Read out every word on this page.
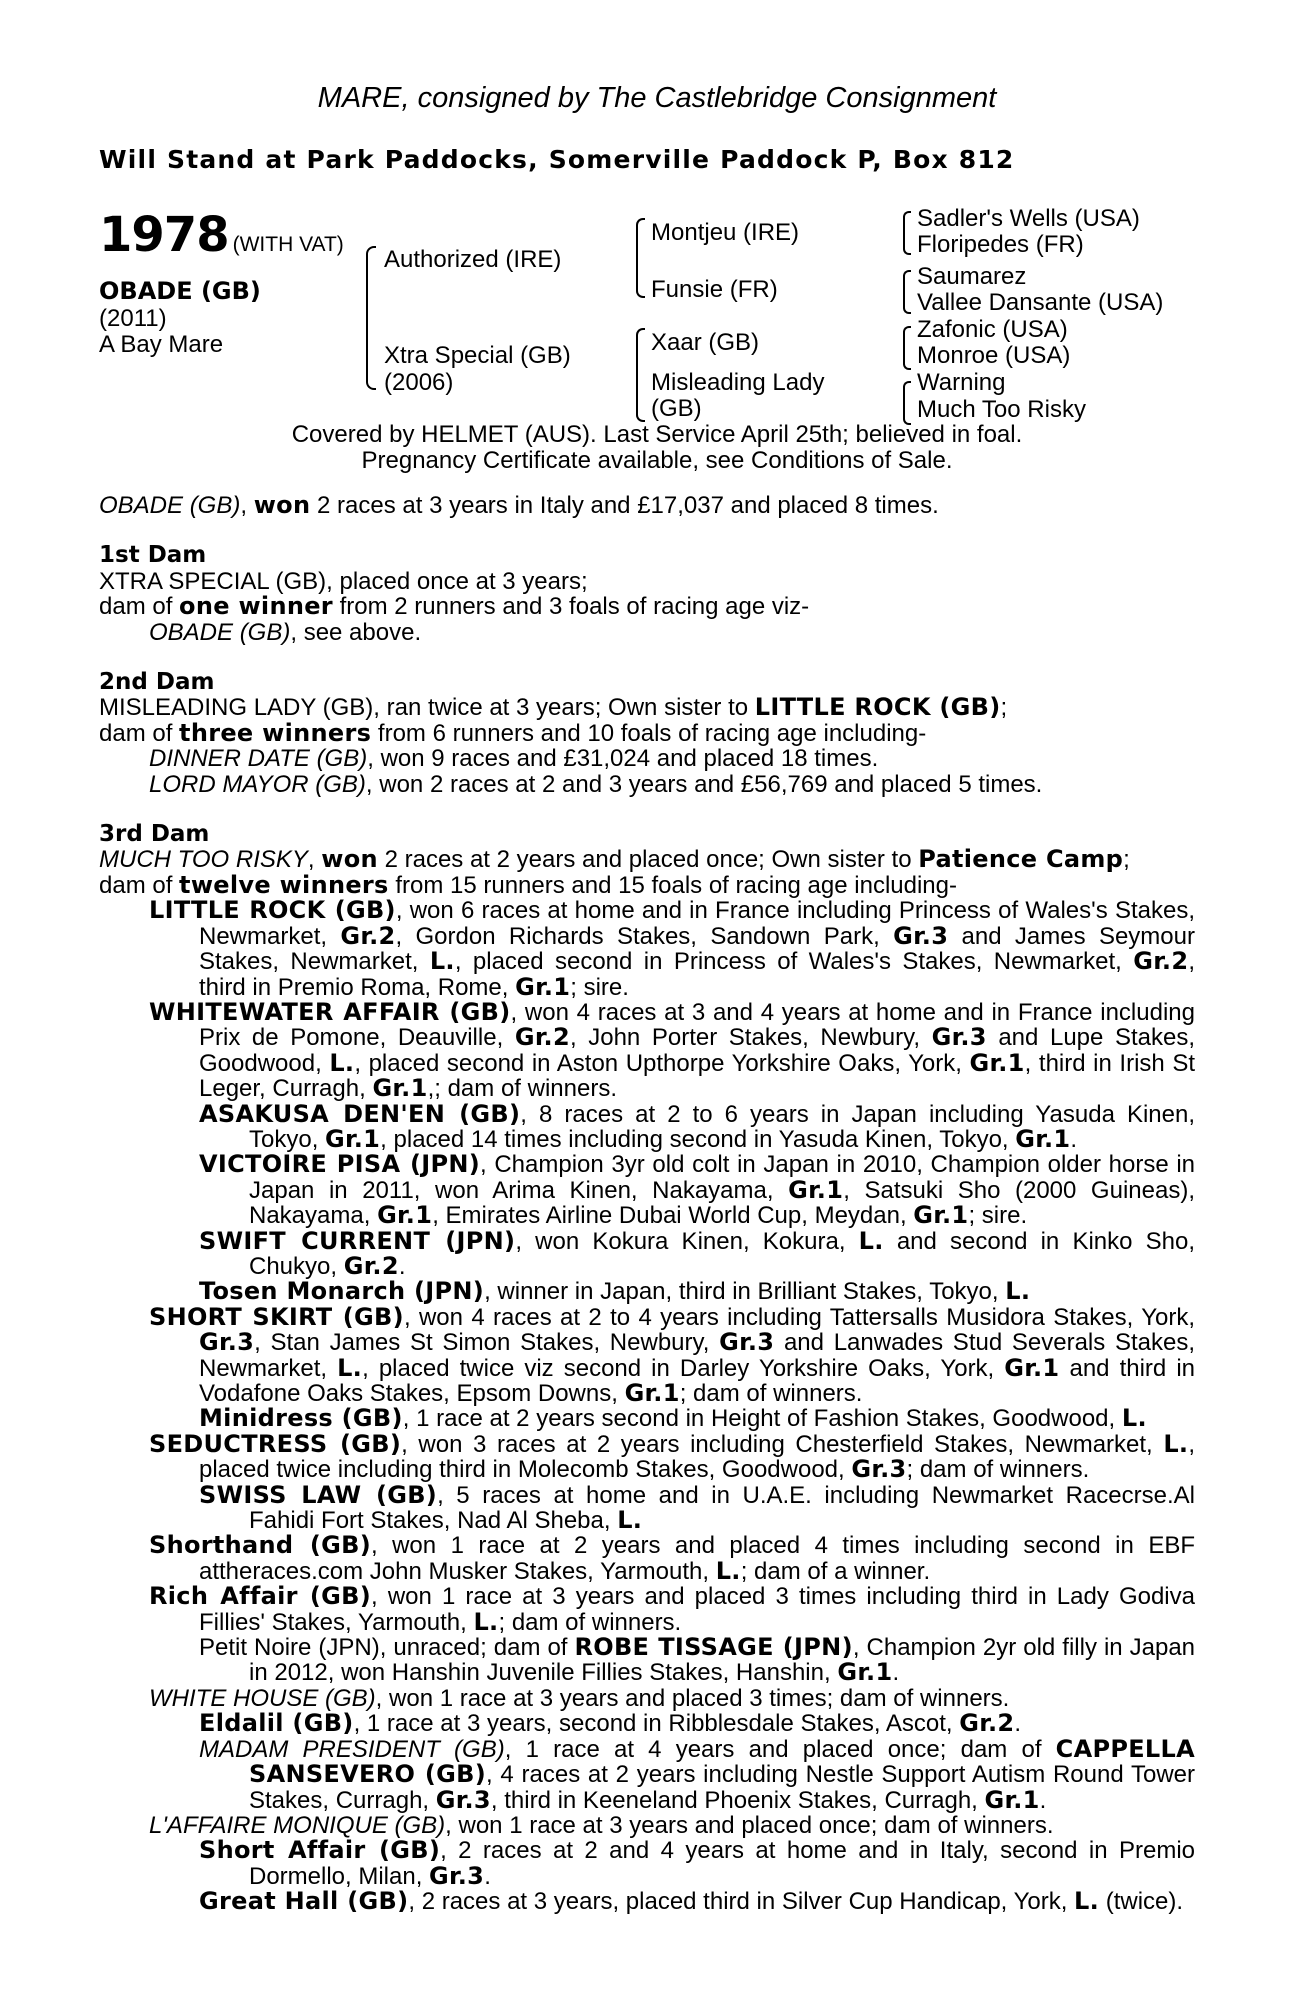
MARE, consigned by The Castlebridge Consignment
Will Stand at Park Paddocks, Somerville Paddock P, Box 812
1978 (WITH VAT)
OBADE (GB)
(2011)
A Bay Mare
Authorized (IRE)
Xtra Special (GB)
(2006)
Montjeu (IRE)
Funsie (FR)
Xaar (GB)
Misleading Lady
(GB)
Sadler's Wells (USA)
Floripedes (FR)
Saumarez
Vallee Dansante (USA)
Zafonic (USA)
Monroe (USA)
Warning
Much Too Risky
Covered by HELMET (AUS). Last Service April 25th; believed in foal.
Pregnancy Certificate available, see Conditions of Sale.

OBADE (GB), won 2 races at 3 years in Italy and £17,037 and placed 8 times.

1st Dam

XTRA SPECIAL (GB), placed once at 3 years;

dam of one winner from 2 runners and 3 foals of racing age viz-

OBADE (GB), see above.

2nd Dam

MISLEADING LADY (GB), ran twice at 3 years; Own sister to LITTLE ROCK (GB);

dam of three winners from 6 runners and 10 foals of racing age including-

DINNER DATE (GB), won 9 races and £31,024 and placed 18 times.

LORD MAYOR (GB), won 2 races at 2 and 3 years and £56,769 and placed 5 times.

3rd Dam

MUCH TOO RISKY, won 2 races at 2 years and placed once; Own sister to Patience Camp;

dam of twelve winners from 15 runners and 15 foals of racing age including-

LITTLE ROCK (GB), won 6 races at home and in France including Princess of Wales's Stakes, Newmarket, Gr.2, Gordon Richards Stakes, Sandown Park, Gr.3 and James Seymour Stakes, Newmarket, L., placed second in Princess of Wales's Stakes, Newmarket, Gr.2, third in Premio Roma, Rome, Gr.1; sire.

WHITEWATER AFFAIR (GB), won 4 races at 3 and 4 years at home and in France including Prix de Pomone, Deauville, Gr.2, John Porter Stakes, Newbury, Gr.3 and Lupe Stakes, Goodwood, L., placed second in Aston Upthorpe Yorkshire Oaks, York, Gr.1, third in Irish St Leger, Curragh, Gr.1,; dam of winners.

ASAKUSA DEN'EN (GB), 8 races at 2 to 6 years in Japan including Yasuda Kinen, Tokyo, Gr.1, placed 14 times including second in Yasuda Kinen, Tokyo, Gr.1.

VICTOIRE PISA (JPN), Champion 3yr old colt in Japan in 2010, Champion older horse in Japan in 2011, won Arima Kinen, Nakayama, Gr.1, Satsuki Sho (2000 Guineas), Nakayama, Gr.1, Emirates Airline Dubai World Cup, Meydan, Gr.1; sire.

SWIFT CURRENT (JPN), won Kokura Kinen, Kokura, L. and second in Kinko Sho, Chukyo, Gr.2.

Tosen Monarch (JPN), winner in Japan, third in Brilliant Stakes, Tokyo, L.

SHORT SKIRT (GB), won 4 races at 2 to 4 years including Tattersalls Musidora Stakes, York, Gr.3, Stan James St Simon Stakes, Newbury, Gr.3 and Lanwades Stud Severals Stakes, Newmarket, L., placed twice viz second in Darley Yorkshire Oaks, York, Gr.1 and third in Vodafone Oaks Stakes, Epsom Downs, Gr.1; dam of winners.

Minidress (GB), 1 race at 2 years second in Height of Fashion Stakes, Goodwood, L.

SEDUCTRESS (GB), won 3 races at 2 years including Chesterfield Stakes, Newmarket, L., placed twice including third in Molecomb Stakes, Goodwood, Gr.3; dam of winners.

SWISS LAW (GB), 5 races at home and in U.A.E. including Newmarket Racecrse.Al Fahidi Fort Stakes, Nad Al Sheba, L.

Shorthand (GB), won 1 race at 2 years and placed 4 times including second in EBF attheraces.com John Musker Stakes, Yarmouth, L.; dam of a winner.

Rich Affair (GB), won 1 race at 3 years and placed 3 times including third in Lady Godiva Fillies' Stakes, Yarmouth, L.; dam of winners.

Petit Noire (JPN), unraced; dam of ROBE TISSAGE (JPN), Champion 2yr old filly in Japan in 2012, won Hanshin Juvenile Fillies Stakes, Hanshin, Gr.1.

WHITE HOUSE (GB), won 1 race at 3 years and placed 3 times; dam of winners.

Eldalil (GB), 1 race at 3 years, second in Ribblesdale Stakes, Ascot, Gr.2.

MADAM PRESIDENT (GB), 1 race at 4 years and placed once; dam of CAPPELLA SANSEVERO (GB), 4 races at 2 years including Nestle Support Autism Round Tower Stakes, Curragh, Gr.3, third in Keeneland Phoenix Stakes, Curragh, Gr.1.

L'AFFAIRE MONIQUE (GB), won 1 race at 3 years and placed once; dam of winners.

Short Affair (GB), 2 races at 2 and 4 years at home and in Italy, second in Premio Dormello, Milan, Gr.3.

Great Hall (GB), 2 races at 3 years, placed third in Silver Cup Handicap, York, L. (twice).
